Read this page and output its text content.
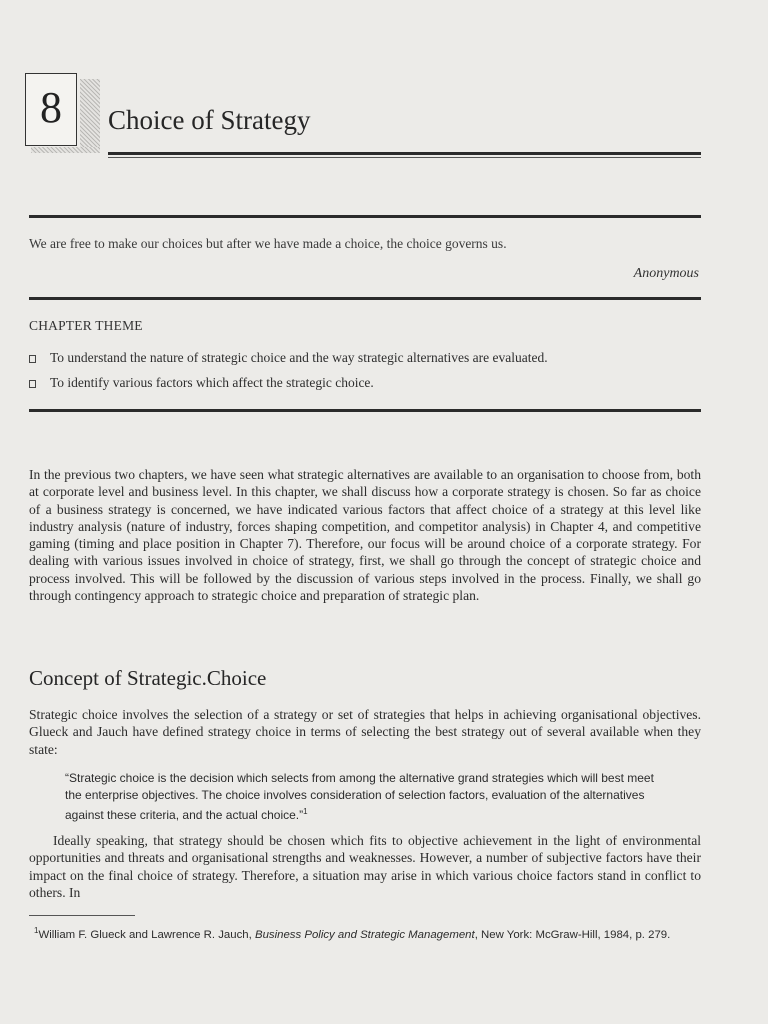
8	Choice of Strategy
We are free to make our choices but after we have made a choice, the choice governs us.
Anonymous
CHAPTER THEME
To understand the nature of strategic choice and the way strategic alternatives are evaluated.
To identify various factors which affect the strategic choice.
In the previous two chapters, we have seen what strategic alternatives are available to an organisation to choose from, both at corporate level and business level. In this chapter, we shall discuss how a corporate strategy is chosen. So far as choice of a business strategy is concerned, we have indicated various factors that affect choice of a strategy at this level like industry analysis (nature of industry, forces shaping competition, and competitor analysis) in Chapter 4, and competitive gaming (timing and place position in Chapter 7). Therefore, our focus will be around choice of a corporate strategy. For dealing with various issues involved in choice of strategy, first, we shall go through the concept of strategic choice and process involved. This will be followed by the discussion of various steps involved in the process. Finally, we shall go through contingency approach to strategic choice and preparation of strategic plan.
Concept of Strategic.Choice
Strategic choice involves the selection of a strategy or set of strategies that helps in achieving organisational objectives. Glueck and Jauch have defined strategy choice in terms of selecting the best strategy out of several available when they state:
“Strategic choice is the decision which selects from among the alternative grand strategies which will best meet the enterprise objectives. The choice involves consideration of selection factors, evaluation of the alternatives against these criteria, and the actual choice.”$^1$
Ideally speaking, that strategy should be chosen which fits to objective achievement in the light of environmental opportunities and threats and organisational strengths and weaknesses. However, a number of subjective factors have their impact on the final choice of strategy. Therefore, a situation may arise in which various choice factors stand in conflict to others. In
$^1$William F. Glueck and Lawrence R. Jauch, Business Policy and Strategic Management, New York: McGraw-Hill, 1984, p. 279.
